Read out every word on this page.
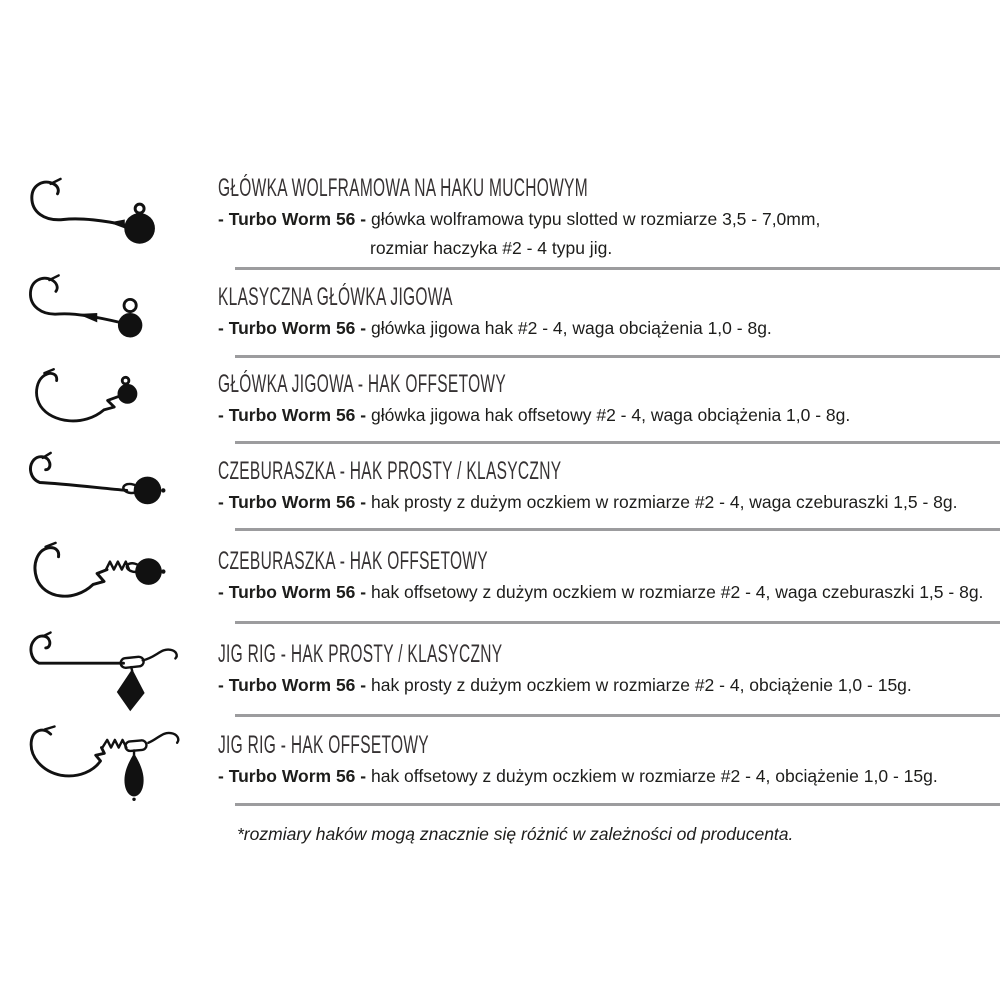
GŁÓWKA WOLFRAMOWA NA HAKU MUCHOWYM

- Turbo Worm 56 - główka wolframowa typu slotted w rozmiarze 3,5 - 7,0mm,

rozmiar haczyka #2 - 4 typu jig.

KLASYCZNA GŁÓWKA JIGOWA

- Turbo Worm 56 - główka jigowa hak #2 - 4, waga obciążenia 1,0 - 8g.

GŁÓWKA JIGOWA - HAK OFFSETOWY

- Turbo Worm 56 - główka jigowa hak offsetowy #2 - 4, waga obciążenia 1,0 - 8g.

CZEBURASZKA - HAK PROSTY / KLASYCZNY

- Turbo Worm 56 - hak prosty z dużym oczkiem w rozmiarze #2 - 4, waga czeburaszki 1,5 - 8g.

CZEBURASZKA - HAK OFFSETOWY

- Turbo Worm 56 - hak offsetowy z dużym oczkiem w rozmiarze #2 - 4, waga czeburaszki 1,5 - 8g.

JIG RIG - HAK PROSTY / KLASYCZNY

- Turbo Worm 56 - hak prosty z dużym oczkiem w rozmiarze #2 - 4, obciążenie 1,0 - 15g.

JIG RIG - HAK OFFSETOWY

- Turbo Worm 56 - hak offsetowy z dużym oczkiem w rozmiarze #2 - 4, obciążenie 1,0 - 15g.

*rozmiary haków mogą znacznie się różnić w zależności od producenta.
